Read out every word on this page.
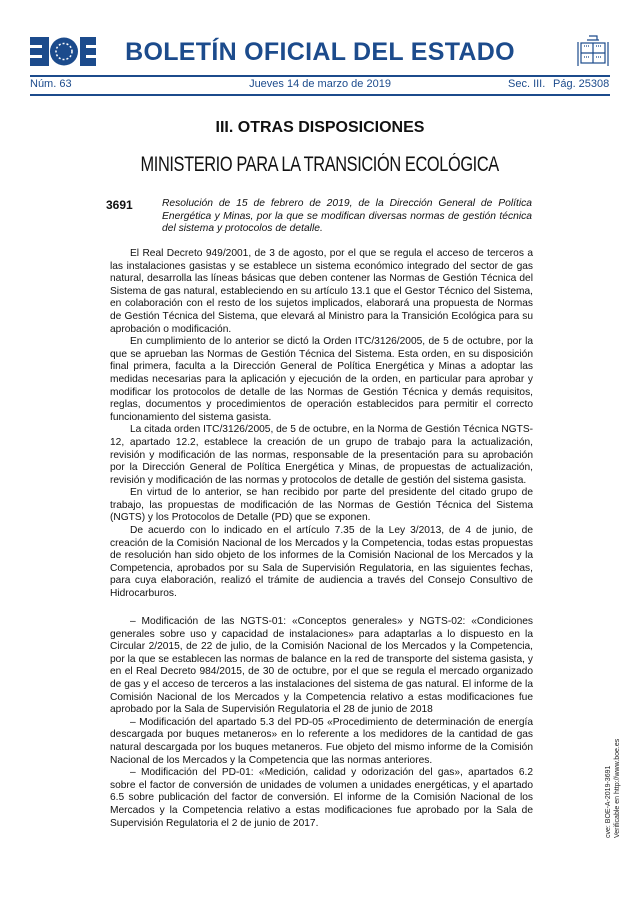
BOLETÍN OFICIAL DEL ESTADO
Núm. 63	Jueves 14 de marzo de 2019	Sec. III. Pág. 25308
III. OTRAS DISPOSICIONES
MINISTERIO PARA LA TRANSICIÓN ECOLÓGICA
3691	Resolución de 15 de febrero de 2019, de la Dirección General de Política Energética y Minas, por la que se modifican diversas normas de gestión técnica del sistema y protocolos de detalle.

El Real Decreto 949/2001, de 3 de agosto, por el que se regula el acceso de terceros a las instalaciones gasistas y se establece un sistema económico integrado del sector de gas natural, desarrolla las líneas básicas que deben contener las Normas de Gestión Técnica del Sistema de gas natural, estableciendo en su artículo 13.1 que el Gestor Técnico del Sistema, en colaboración con el resto de los sujetos implicados, elaborará una propuesta de Normas de Gestión Técnica del Sistema, que elevará al Ministro para la Transición Ecológica para su aprobación o modificación.

En cumplimiento de lo anterior se dictó la Orden ITC/3126/2005, de 5 de octubre, por la que se aprueban las Normas de Gestión Técnica del Sistema. Esta orden, en su disposición final primera, faculta a la Dirección General de Política Energética y Minas a adoptar las medidas necesarias para la aplicación y ejecución de la orden, en particular para aprobar y modificar los protocolos de detalle de las Normas de Gestión Técnica y demás requisitos, reglas, documentos y procedimientos de operación establecidos para permitir el correcto funcionamiento del sistema gasista.

La citada orden ITC/3126/2005, de 5 de octubre, en la Norma de Gestión Técnica NGTS-12, apartado 12.2, establece la creación de un grupo de trabajo para la actualización, revisión y modificación de las normas, responsable de la presentación para su aprobación por la Dirección General de Política Energética y Minas, de propuestas de actualización, revisión y modificación de las normas y protocolos de detalle de gestión del sistema gasista.

En virtud de lo anterior, se han recibido por parte del presidente del citado grupo de trabajo, las propuestas de modificación de las Normas de Gestión Técnica del Sistema (NGTS) y los Protocolos de Detalle (PD) que se exponen.

De acuerdo con lo indicado en el artículo 7.35 de la Ley 3/2013, de 4 de junio, de creación de la Comisión Nacional de los Mercados y la Competencia, todas estas propuestas de resolución han sido objeto de los informes de la Comisión Nacional de los Mercados y la Competencia, aprobados por su Sala de Supervisión Regulatoria, en las siguientes fechas, para cuya elaboración, realizó el trámite de audiencia a través del Consejo Consultivo de Hidrocarburos.

– Modificación de las NGTS-01: «Conceptos generales» y NGTS-02: «Condiciones generales sobre uso y capacidad de instalaciones» para adaptarlas a lo dispuesto en la Circular 2/2015, de 22 de julio, de la Comisión Nacional de los Mercados y la Competencia, por la que se establecen las normas de balance en la red de transporte del sistema gasista, y en el Real Decreto 984/2015, de 30 de octubre, por el que se regula el mercado organizado de gas y el acceso de terceros a las instalaciones del sistema de gas natural. El informe de la Comisión Nacional de los Mercados y la Competencia relativo a estas modificaciones fue aprobado por la Sala de Supervisión Regulatoria el 28 de junio de 2018

– Modificación del apartado 5.3 del PD-05 «Procedimiento de determinación de energía descargada por buques metaneros» en lo referente a los medidores de la cantidad de gas natural descargada por los buques metaneros. Fue objeto del mismo informe de la Comisión Nacional de los Mercados y la Competencia que las normas anteriores.

– Modificación del PD-01: «Medición, calidad y odorización del gas», apartados 6.2 sobre el factor de conversión de unidades de volumen a unidades energéticas, y el apartado 6.5 sobre publicación del factor de conversión. El informe de la Comisión Nacional de los Mercados y la Competencia relativo a estas modificaciones fue aprobado por la Sala de Supervisión Regulatoria el 2 de junio de 2017.	cve: BOE-A-2019-3691 Verificable en http://www.boe.es
